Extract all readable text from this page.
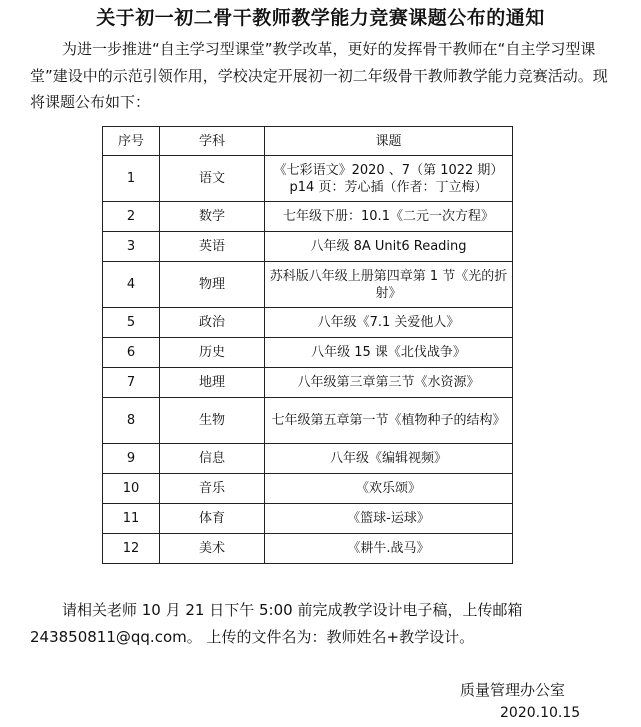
关于初一初二骨干教师教学能力竞赛课题公布的通知

为进一步推进“自主学习型课堂”教学改革，更好的发挥骨干教师在“自主学习型课堂”建设中的示范引领作用，学校决定开展初一初二年级骨干教师教学能力竞赛活动。现将课题公布如下：

序号	学科	课题
1	语文	《七彩语文》2020 、7（第 1022 期）p14 页：芳心插（作者：丁立梅）
2	数学	七年级下册：10.1《二元一次方程》
3	英语	八年级 8A Unit6 Reading
4	物理	苏科版八年级上册第四章第 1 节《光的折射》
5	政治	八年级《7.1 关爱他人》
6	历史	八年级 15 课《北伐战争》
7	地理	八年级第三章第三节《水资源》
8	生物	七年级第五章第一节《植物种子的结构》
9	信息	八年级《编辑视频》
10	音乐	《欢乐颂》
11	体育	《篮球-运球》
12	美术	《耕牛.战马》

请相关老师 10 月 21 日下午 5:00 前完成教学设计电子稿，上传邮箱 243850811@qq.com。 上传的文件名为：教师姓名+教学设计。

质量管理办公室
2020.10.15
